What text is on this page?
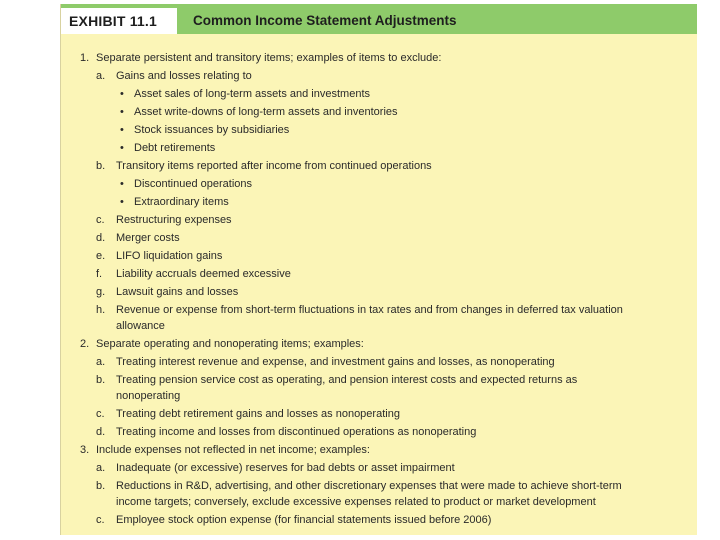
EXHIBIT 11.1	Common Income Statement Adjustments
1. Separate persistent and transitory items; examples of items to exclude:
a. Gains and losses relating to
• Asset sales of long-term assets and investments
• Asset write-downs of long-term assets and inventories
• Stock issuances by subsidiaries
• Debt retirements
b. Transitory items reported after income from continued operations
• Discontinued operations
• Extraordinary items
c. Restructuring expenses
d. Merger costs
e. LIFO liquidation gains
f. Liability accruals deemed excessive
g. Lawsuit gains and losses
h. Revenue or expense from short-term fluctuations in tax rates and from changes in deferred tax valuation
allowance
2. Separate operating and nonoperating items; examples:
a. Treating interest revenue and expense, and investment gains and losses, as nonoperating
b. Treating pension service cost as operating, and pension interest costs and expected returns as
nonoperating
c. Treating debt retirement gains and losses as nonoperating
d. Treating income and losses from discontinued operations as nonoperating
3. Include expenses not reflected in net income; examples:
a. Inadequate (or excessive) reserves for bad debts or asset impairment
b. Reductions in R&D, advertising, and other discretionary expenses that were made to achieve short-term
income targets; conversely, exclude excessive expenses related to product or market development
c. Employee stock option expense (for financial statements issued before 2006)
